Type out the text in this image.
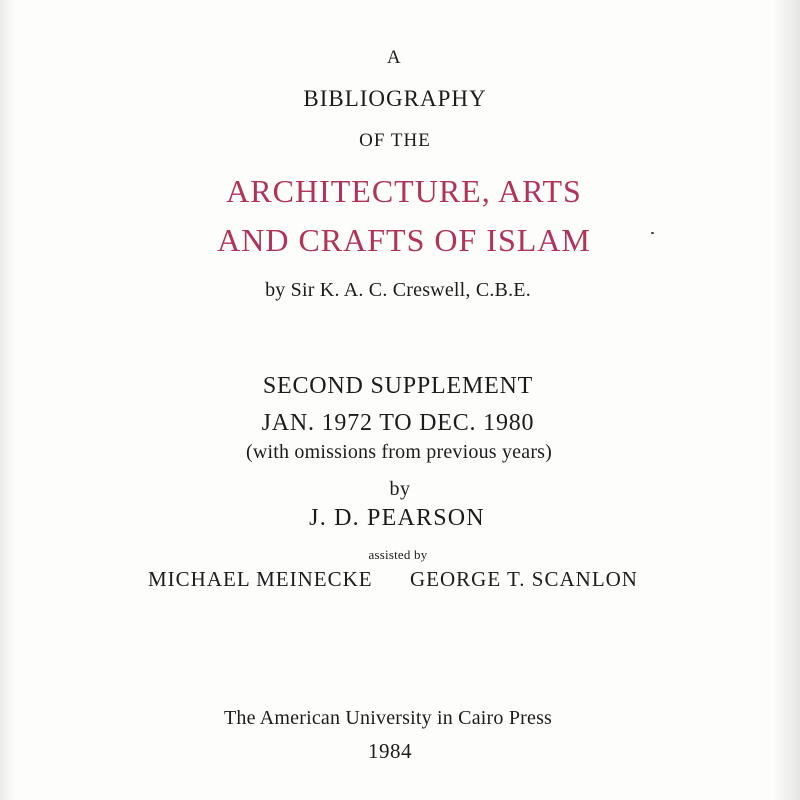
A
BIBLIOGRAPHY
OF THE
ARCHITECTURE, ARTS
AND CRAFTS OF ISLAM
by Sir K. A. C. Creswell, C.B.E.
SECOND SUPPLEMENT
JAN. 1972 TO DEC. 1980
(with omissions from previous years)
by
J. D. PEARSON
assisted by
MICHAEL MEINECKE GEORGE T. SCANLON
The American University in Cairo Press
1984
